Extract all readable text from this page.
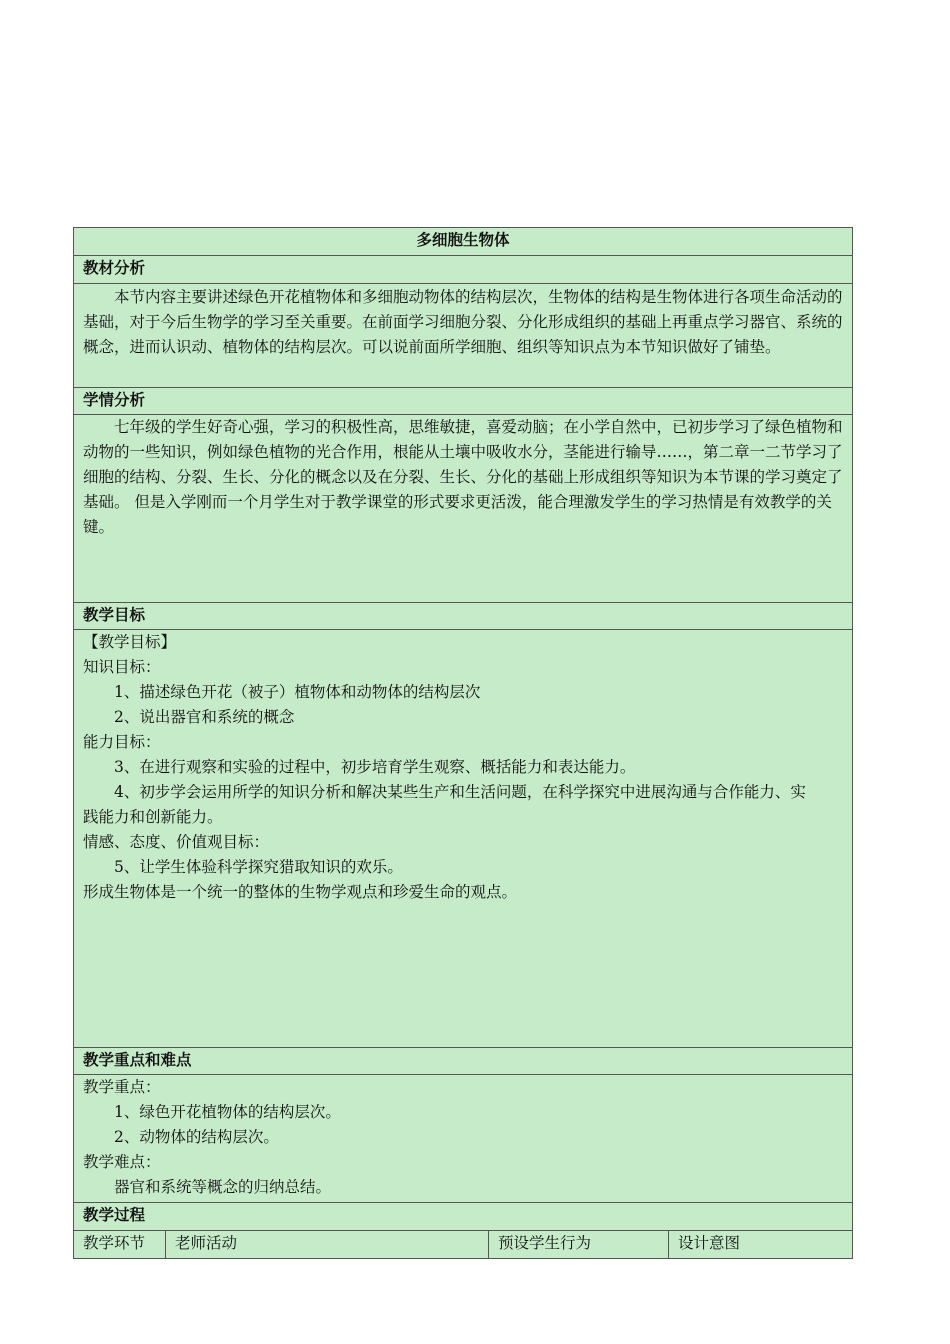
多细胞生物体
教材分析

本节内容主要讲述绿色开花植物体和多细胞动物体的结构层次，生物体的结构是生物体进行各项生命活动的基础，对于今后生物学的学习至关重要。在前面学习细胞分裂、分化形成组织的基础上再重点学习器官、系统的概念，进而认识动、植物体的结构层次。可以说前面所学细胞、组织等知识点为本节知识做好了铺垫。

学情分析

七年级的学生好奇心强，学习的积极性高，思维敏捷，喜爱动脑；在小学自然中，已初步学习了绿色植物和动物的一些知识，例如绿色植物的光合作用，根能从土壤中吸收水分，茎能进行输导……，第二章一二节学习了细胞的结构、分裂、生长、分化的概念以及在分裂、生长、分化的基础上形成组织等知识为本节课的学习奠定了基础。 但是入学刚而一个月学生对于教学课堂的形式要求更活泼，能合理激发学生的学习热情是有效教学的关键。

教学目标

【教学目标】

知识目标：

1、描述绿色开花（被子）植物体和动物体的结构层次

2、说出器官和系统的概念

能力目标：

3、在进行观察和实验的过程中，初步培育学生观察、概括能力和表达能力。

4、初步学会运用所学的知识分析和解决某些生产和生活问题，在科学探究中进展沟通与合作能力、实践能力和创新能力。

情感、态度、价值观目标：

5、让学生体验科学探究猎取知识的欢乐。

形成生物体是一个统一的整体的生物学观点和珍爱生命的观点。

教学重点和难点

教学重点：

1、绿色开花植物体的结构层次。

2、动物体的结构层次。

教学难点：

器官和系统等概念的归纳总结。

教学过程
教学环节	老师活动	预设学生行为	设计意图
